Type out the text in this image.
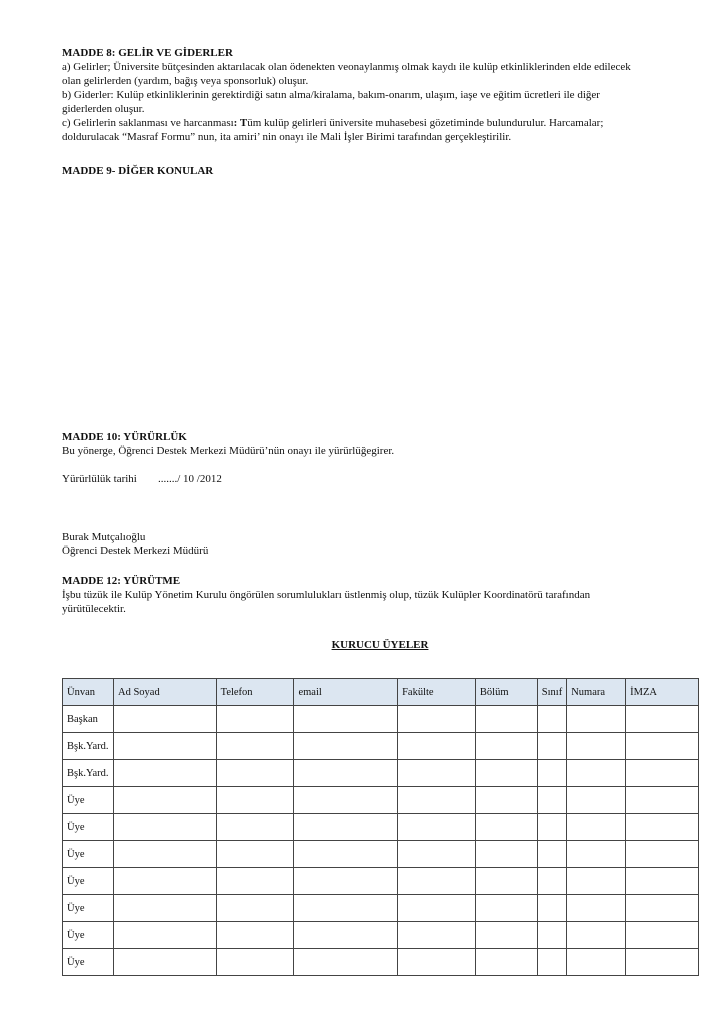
MADDE 8: GELİR VE GİDERLER

a) Gelirler; Üniversite bütçesinden aktarılacak olan ödenekten veonaylanmış olmak kaydı ile kulüp etkinliklerinden elde edilecek

olan gelirlerden (yardım, bağış veya sponsorluk) oluşur.

b) Giderler: Kulüp etkinliklerinin gerektirdiği satın alma/kiralama, bakım-onarım, ulaşım, iaşe ve eğitim ücretleri ile diğer

giderlerden oluşur.

c) Gelirlerin saklanması ve harcanması: Tüm kulüp gelirleri üniversite muhasebesi gözetiminde bulundurulur. Harcamalar;

doldurulacak “Masraf Formu” nun, ita amiri’ nin onayı ile Mali İşler Birimi tarafından gerçekleştirilir.

MADDE 9- DİĞER KONULAR

MADDE 10: YÜRÜRLÜK

Bu yönerge, Öğrenci Destek Merkezi Müdürü’nün onayı ile yürürlüğegirer.

Yürürlülük tarihi ......./ 10 /2012

Burak Mutçalıoğlu

Öğrenci Destek Merkezi Müdürü

MADDE 12: YÜRÜTME

İşbu tüzük ile Kulüp Yönetim Kurulu öngörülen sorumlulukları üstlenmiş olup, tüzük Kulüpler Koordinatörü tarafından

yürütülecektir.

KURUCU ÜYELER

Ünvan	Ad Soyad	Telefon	email	Fakülte	Bölüm	Sınıf	Numara	İMZA
Başkan								
Bşk.Yard.								
Bşk.Yard.								
Üye								
Üye								
Üye								
Üye								
Üye								
Üye								
Üye								
